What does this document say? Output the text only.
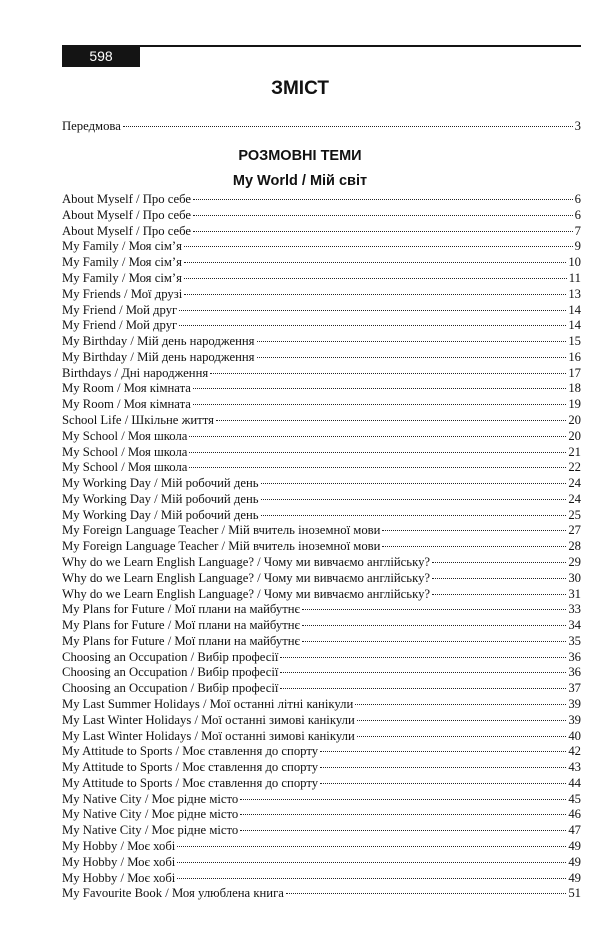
598
ЗМІСТ
Передмова	3
РОЗМОВНІ ТЕМИ
My World / Мій світ
About Myself / Про себе	6
About Myself / Про себе	6
About Myself / Про себе	7
My Family / Моя сім’я	9
My Family / Моя сім’я	10
My Family / Моя сім’я	11
My Friends / Мої друзі	13
My Friend / Мой друг	14
My Friend / Мой друг	14
My Birthday / Мій день народження	15
My Birthday / Мій день народження	16
Birthdays / Дні народження	17
My Room / Моя кімната	18
My Room / Моя кімната	19
School Life / Шкільне життя	20
My School / Моя школа	20
My School / Моя школа	21
My School / Моя школа	22
My Working Day / Мій робочий день	24
My Working Day / Мій робочий день	24
My Working Day / Мій робочий день	25
My Foreign Language Teacher / Мій вчитель іноземної мови	27
My Foreign Language Teacher / Мій вчитель іноземної мови	28
Why do we Learn English Language? / Чому ми вивчаємо англійську?	29
Why do we Learn English Language? / Чому ми вивчаємо англійську?	30
Why do we Learn English Language? / Чому ми вивчаємо англійську?	31
My Plans for Future / Мої плани на майбутнє	33
My Plans for Future / Мої плани на майбутнє	34
My Plans for Future / Мої плани на майбутнє	35
Choosing an Occupation / Вибір професії	36
Choosing an Occupation / Вибір професії	36
Choosing an Occupation / Вибір професії	37
My Last Summer Holidays / Мої останні літні канікули	39
My Last Winter Holidays / Мої останні зимові канікули	39
My Last Winter Holidays / Мої останні зимові канікули	40
My Attitude to Sports / Моє ставлення до спорту	42
My Attitude to Sports / Моє ставлення до спорту	43
My Attitude to Sports / Моє ставлення до спорту	44
My Native City / Моє рідне місто	45
My Native City / Моє рідне місто	46
My Native City / Моє рідне місто	47
My Hobby / Моє хобі	49
My Hobby / Моє хобі	49
My Hobby / Моє хобі	49
My Favourite Book / Моя улюблена книга	51
